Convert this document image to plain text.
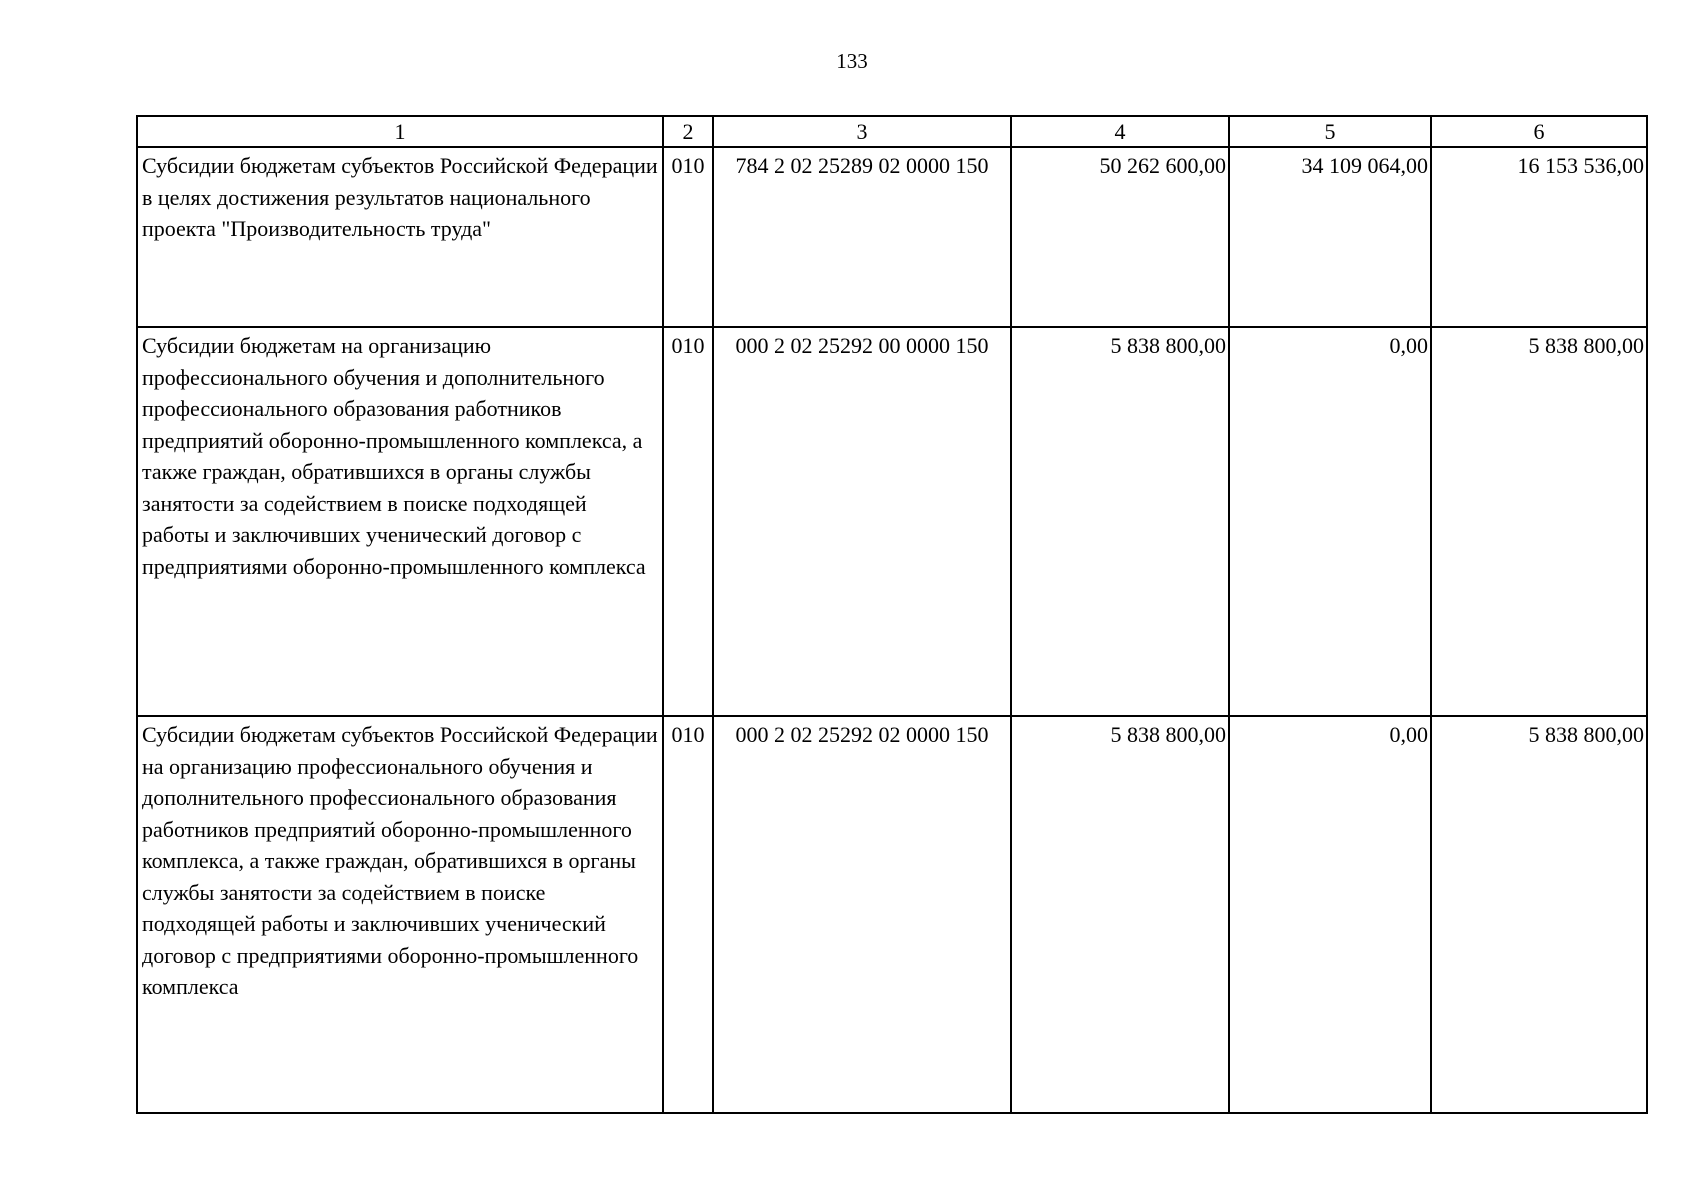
133
1	2	3	4	5	6
Субсидии бюджетам субъектов Российской Федерации в целях достижения результатов национального проекта "Производительность труда"	010	784 2 02 25289 02 0000 150	50 262 600,00	34 109 064,00	16 153 536,00
Субсидии бюджетам на организацию профессионального обучения и дополнительного профессионального образования работников предприятий оборонно-промышленного комплекса, а также граждан, обратившихся в органы службы занятости за содействием в поиске подходящей работы и заключивших ученический договор с предприятиями оборонно-промышленного комплекса	010	000 2 02 25292 00 0000 150	5 838 800,00	0,00	5 838 800,00
Субсидии бюджетам субъектов Российской Федерации на организацию профессионального обучения и дополнительного профессионального образования работников предприятий оборонно-промышленного комплекса, а также граждан, обратившихся в органы службы занятости за содействием в поиске подходящей работы и заключивших ученический договор с предприятиями оборонно-промышленного комплекса	010	000 2 02 25292 02 0000 150	5 838 800,00	0,00	5 838 800,00
